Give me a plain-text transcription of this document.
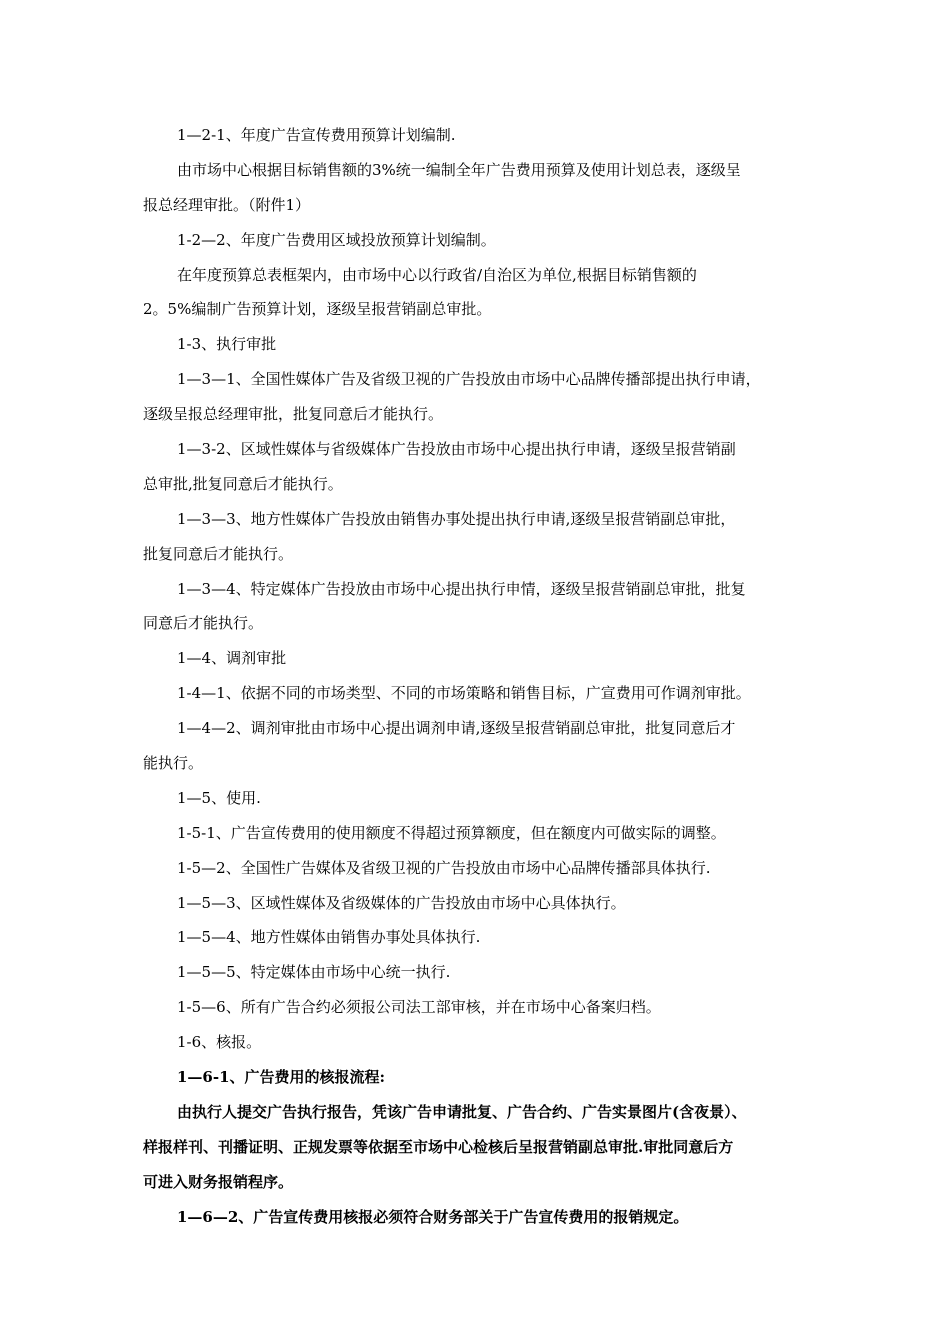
1—2-1、年度广告宣传费用预算计划编制.
由市场中心根据目标销售额的3%统一编制全年广告费用预算及使用计划总表，逐级呈
报总经理审批。（附件1）
1-2—2、年度广告费用区域投放预算计划编制。
在年度预算总表框架内，由市场中心以行政省/自治区为单位,根据目标销售额的
2。5%编制广告预算计划，逐级呈报营销副总审批。
1-3、执行审批
1—3—1、全国性媒体广告及省级卫视的广告投放由市场中心品牌传播部提出执行申请，
逐级呈报总经理审批，批复同意后才能执行。
1—3-2、区域性媒体与省级媒体广告投放由市场中心提出执行申请，逐级呈报营销副
总审批,批复同意后才能执行。
1—3—3、地方性媒体广告投放由销售办事处提出执行申请,逐级呈报营销副总审批，
批复同意后才能执行。
1—3—4、特定媒体广告投放由市场中心提出执行申情，逐级呈报营销副总审批，批复
同意后才能执行。
1—4、调剂审批
1-4—1、依据不同的市场类型、不同的市场策略和销售目标，广宣费用可作调剂审批。
1—4—2、调剂审批由市场中心提出调剂申请,逐级呈报营销副总审批，批复同意后才
能执行。
1—5、使用.
1-5-1、广告宣传费用的使用额度不得超过预算额度，但在额度内可做实际的调整。
1-5—2、全国性广告媒体及省级卫视的广告投放由市场中心品牌传播部具体执行.
1—5—3、区域性媒体及省级媒体的广告投放由市场中心具体执行。
1—5—4、地方性媒体由销售办事处具体执行.
1—5—5、特定媒体由市场中心统一执行.
1-5—6、所有广告合约必须报公司法工部审核，并在市场中心备案归档。
1-6、核报。
1—6-1、广告费用的核报流程:
由执行人提交广告执行报告，凭该广告申请批复、广告合约、广告实景图片(含夜景）、
样报样刊、刊播证明、正规发票等依据至市场中心检核后呈报营销副总审批.审批同意后方
可进入财务报销程序。
1—6—2、广告宣传费用核报必须符合财务部关于广告宣传费用的报销规定。
